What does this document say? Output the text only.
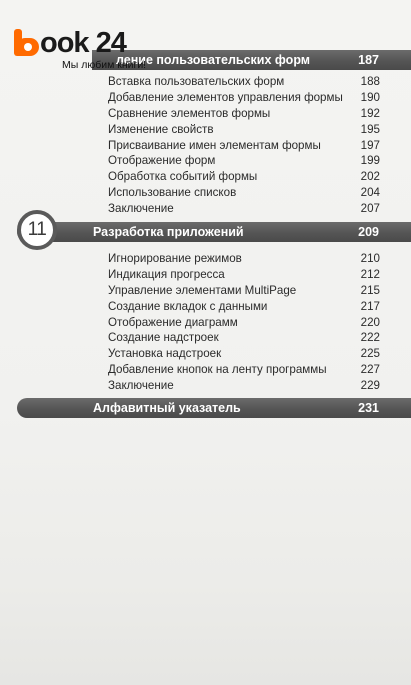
ook 24
Мы любим книги!
ление пользовательских форм	187
Вставка пользовательских форм	188
Добавление элементов управления формы 190
Сравнение элементов формы	192
Изменение свойств	195
Присваивание имен элементам формы	197
Отображение форм	199
Обработка событий формы	202
Использование списков	204
Заключение	207
11	Разработка приложений	209
Игнорирование режимов	210
Индикация прогресса	212
Управление элементами MultiPage	215
Создание вкладок с данными	217
Отображение диаграмм	220
Создание надстроек	222
Установка надстроек	225
Добавление кнопок на ленту программы	227
Заключение	229
Алфавитный указатель	231
